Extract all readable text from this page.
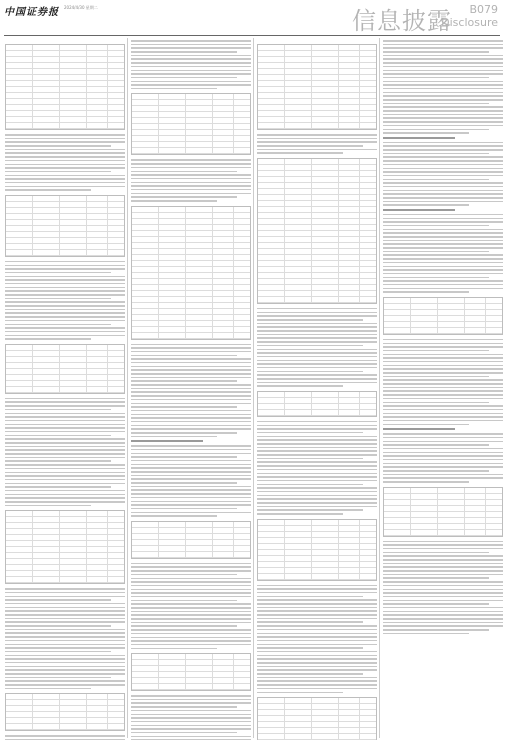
中国证券报 2024/4/30 星期二	信息披露 B079
Disclosure
